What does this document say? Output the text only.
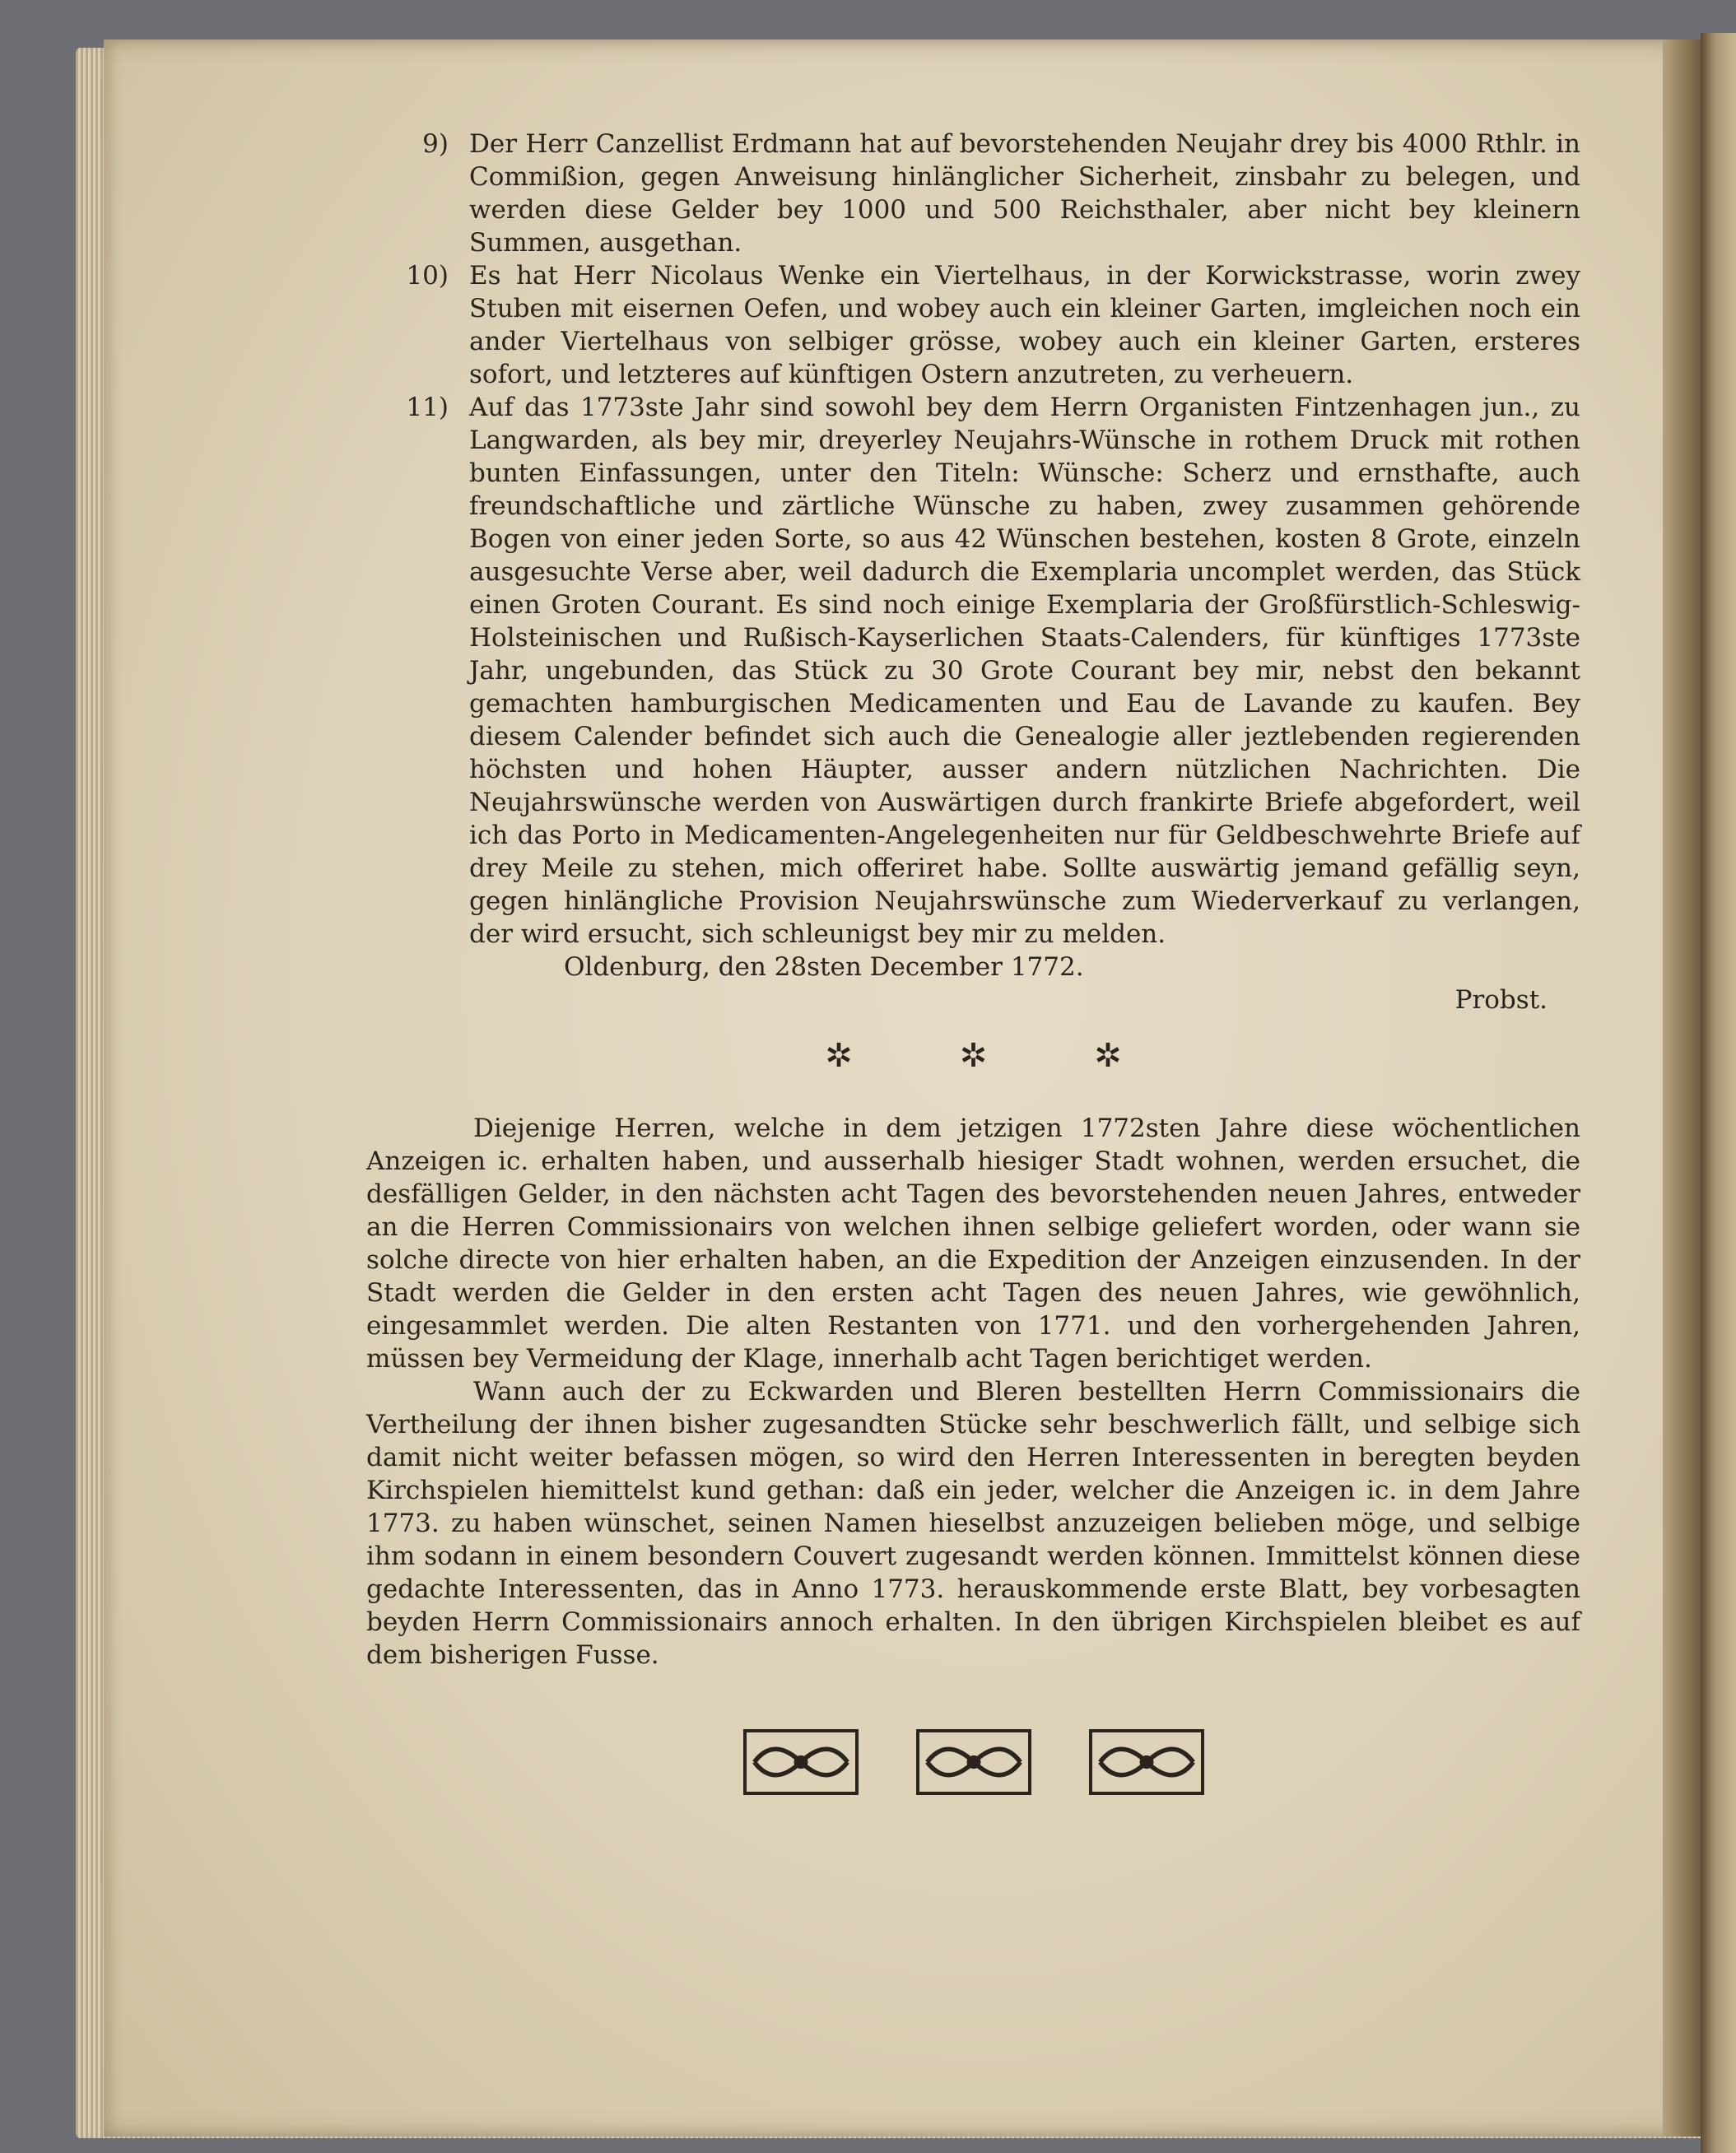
9) Der Herr Canzellist Erdmann hat auf bevorstehenden Neujahr drey bis 4000 Rthlr. in Commißion, gegen Anweisung hinlänglicher Sicherheit, zinsbahr zu belegen, und werden diese Gelder bey 1000 und 500 Reichsthaler, aber nicht bey kleinern Summen, ausgethan.
10) Es hat Herr Nicolaus Wenke ein Viertelhaus, in der Korwickstrasse, worin zwey Stuben mit eisernen Oefen, und wobey auch ein kleiner Garten, imgleichen noch ein ander Viertelhaus von selbiger grösse, wobey auch ein kleiner Garten, ersteres sofort, und letzteres auf künftigen Ostern anzutreten, zu verheuern.
11) Auf das 1773ste Jahr sind sowohl bey dem Herrn Organisten Fintzenhagen jun., zu Langwarden, als bey mir, dreyerley Neujahrs-Wünsche in rothem Druck mit rothen bunten Einfassungen, unter den Titeln: Wünsche: Scherz und ernsthafte, auch freundschaftliche und zärtliche Wünsche zu haben, zwey zusammen gehörende Bogen von einer jeden Sorte, so aus 42 Wünschen bestehen, kosten 8 Grote, einzeln ausgesuchte Verse aber, weil dadurch die Exemplaria uncomplet werden, das Stück einen Groten Courant. Es sind noch einige Exemplaria der Großfürstlich-Schleswig-Holsteinischen und Rußisch-Kayserlichen Staats-Calenders, für künftiges 1773ste Jahr, ungebunden, das Stück zu 30 Grote Courant bey mir, nebst den bekannt gemachten hamburgischen Medicamenten und Eau de Lavande zu kaufen. Bey diesem Calender befindet sich auch die Genealogie aller jeztlebenden regierenden höchsten und hohen Häupter, ausser andern nützlichen Nachrichten. Die Neujahrswünsche werden von Auswärtigen durch frankirte Briefe abgefordert, weil ich das Porto in Medicamenten-Angelegenheiten nur für Geldbeschwehrte Briefe auf drey Meile zu stehen, mich offeriret habe. Sollte auswärtig jemand gefällig seyn, gegen hinlängliche Provision Neujahrswünsche zum Wiederverkauf zu verlangen, der wird ersucht, sich schleunigst bey mir zu melden.
Oldenburg, den 28sten December 1772.
Probst.
✲	✲	✲

Diejenige Herren, welche in dem jetzigen 1772sten Jahre diese wöchentlichen Anzeigen ic. erhalten haben, und ausserhalb hiesiger Stadt wohnen, werden ersuchet, die desfälligen Gelder, in den nächsten acht Tagen des bevorstehenden neuen Jahres, entweder an die Herren Commissionairs von welchen ihnen selbige geliefert worden, oder wann sie solche directe von hier erhalten haben, an die Expedition der Anzeigen einzusenden. In der Stadt werden die Gelder in den ersten acht Tagen des neuen Jahres, wie gewöhnlich, eingesammlet werden. Die alten Restanten von 1771. und den vorhergehenden Jahren, müssen bey Vermeidung der Klage, innerhalb acht Tagen berichtiget werden.

Wann auch der zu Eckwarden und Bleren bestellten Herrn Commissionairs die Vertheilung der ihnen bisher zugesandten Stücke sehr beschwerlich fällt, und selbige sich damit nicht weiter befassen mögen, so wird den Herren Interessenten in beregten beyden Kirchspielen hiemittelst kund gethan: daß ein jeder, welcher die Anzeigen ic. in dem Jahre 1773. zu haben wünschet, seinen Namen hieselbst anzuzeigen belieben möge, und selbige ihm sodann in einem besondern Couvert zugesandt werden können. Immittelst können diese gedachte Interessenten, das in Anno 1773. herauskommende erste Blatt, bey vorbesagten beyden Herrn Commissionairs annoch erhalten. In den übrigen Kirchspielen bleibet es auf dem bisherigen Fusse.
